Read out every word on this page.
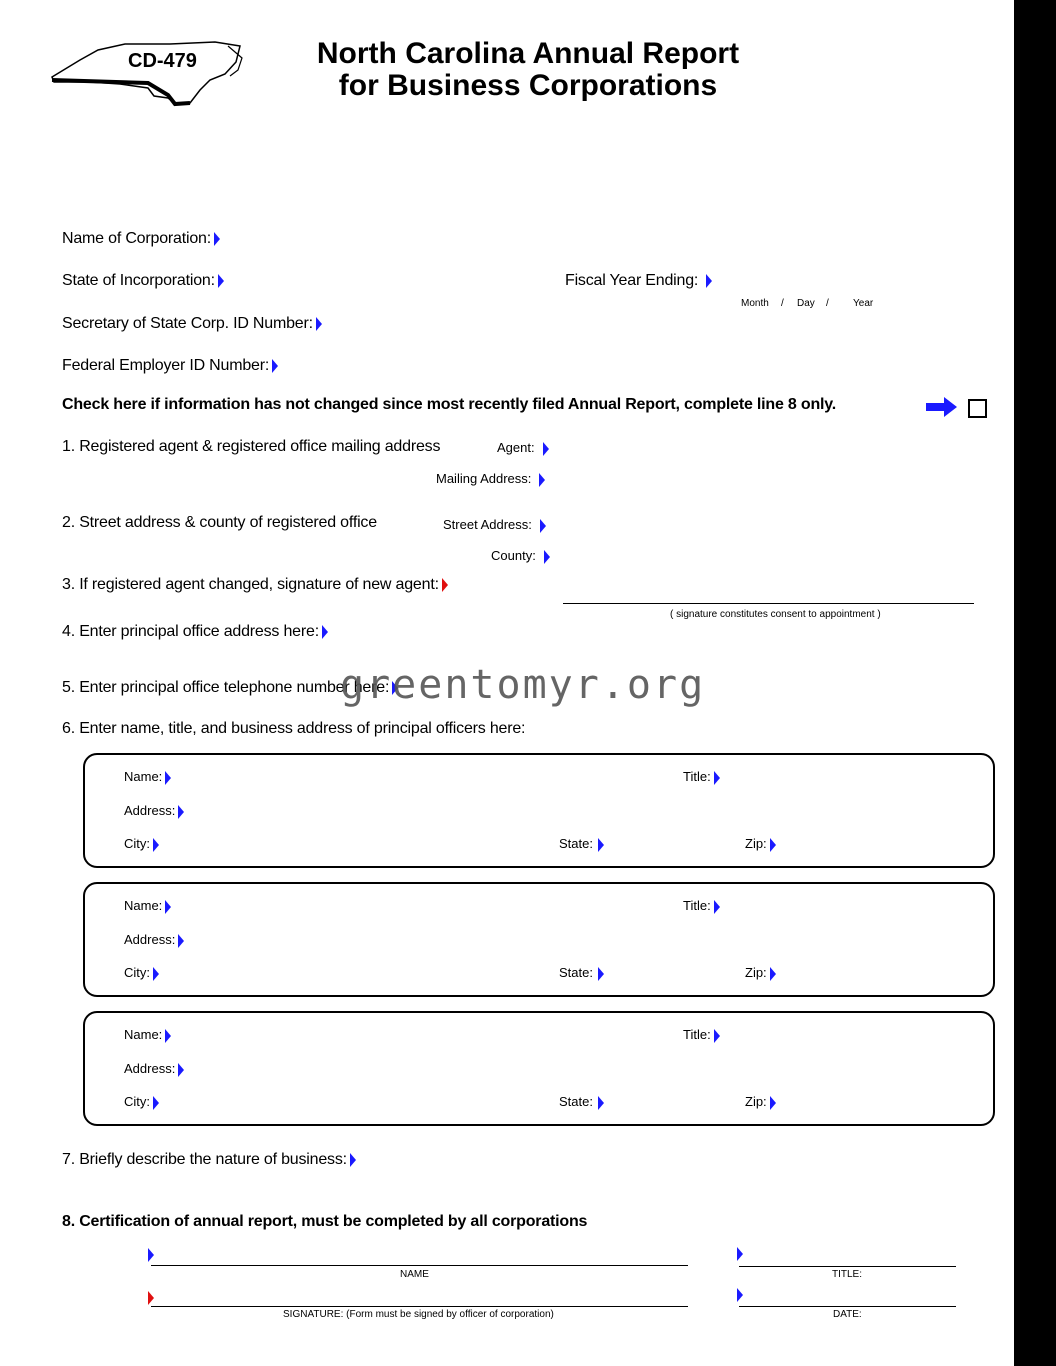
CD-479	North Carolina Annual Report
for Business Corporations
Name of Corporation:
State of Incorporation:	Fiscal Year Ending:
Month / Day / Year
Secretary of State Corp. ID Number:
Federal Employer ID Number:
Check here if information has not changed since most recently filed Annual Report, complete line 8 only.
1. Registered agent & registered office mailing address	Agent:
Mailing Address:
2. Street address & county of registered office	Street Address:
County:
3. If registered agent changed, signature of new agent:
( signature constitutes consent to appointment )
4. Enter principal office address here:
5. Enter principal office telephone number here:
greentomyr.org
6. Enter name, title, and business address of principal officers here:
Name:	Title:
Address:
City:	State:	Zip:
Name:	Title:
Address:
City:	State:	Zip:
Name:	Title:
Address:
City:	State:	Zip:
7. Briefly describe the nature of business:
8. Certification of annual report, must be completed by all corporations
NAME	TITLE:
SIGNATURE: (Form must be signed by officer of corporation)	DATE:
